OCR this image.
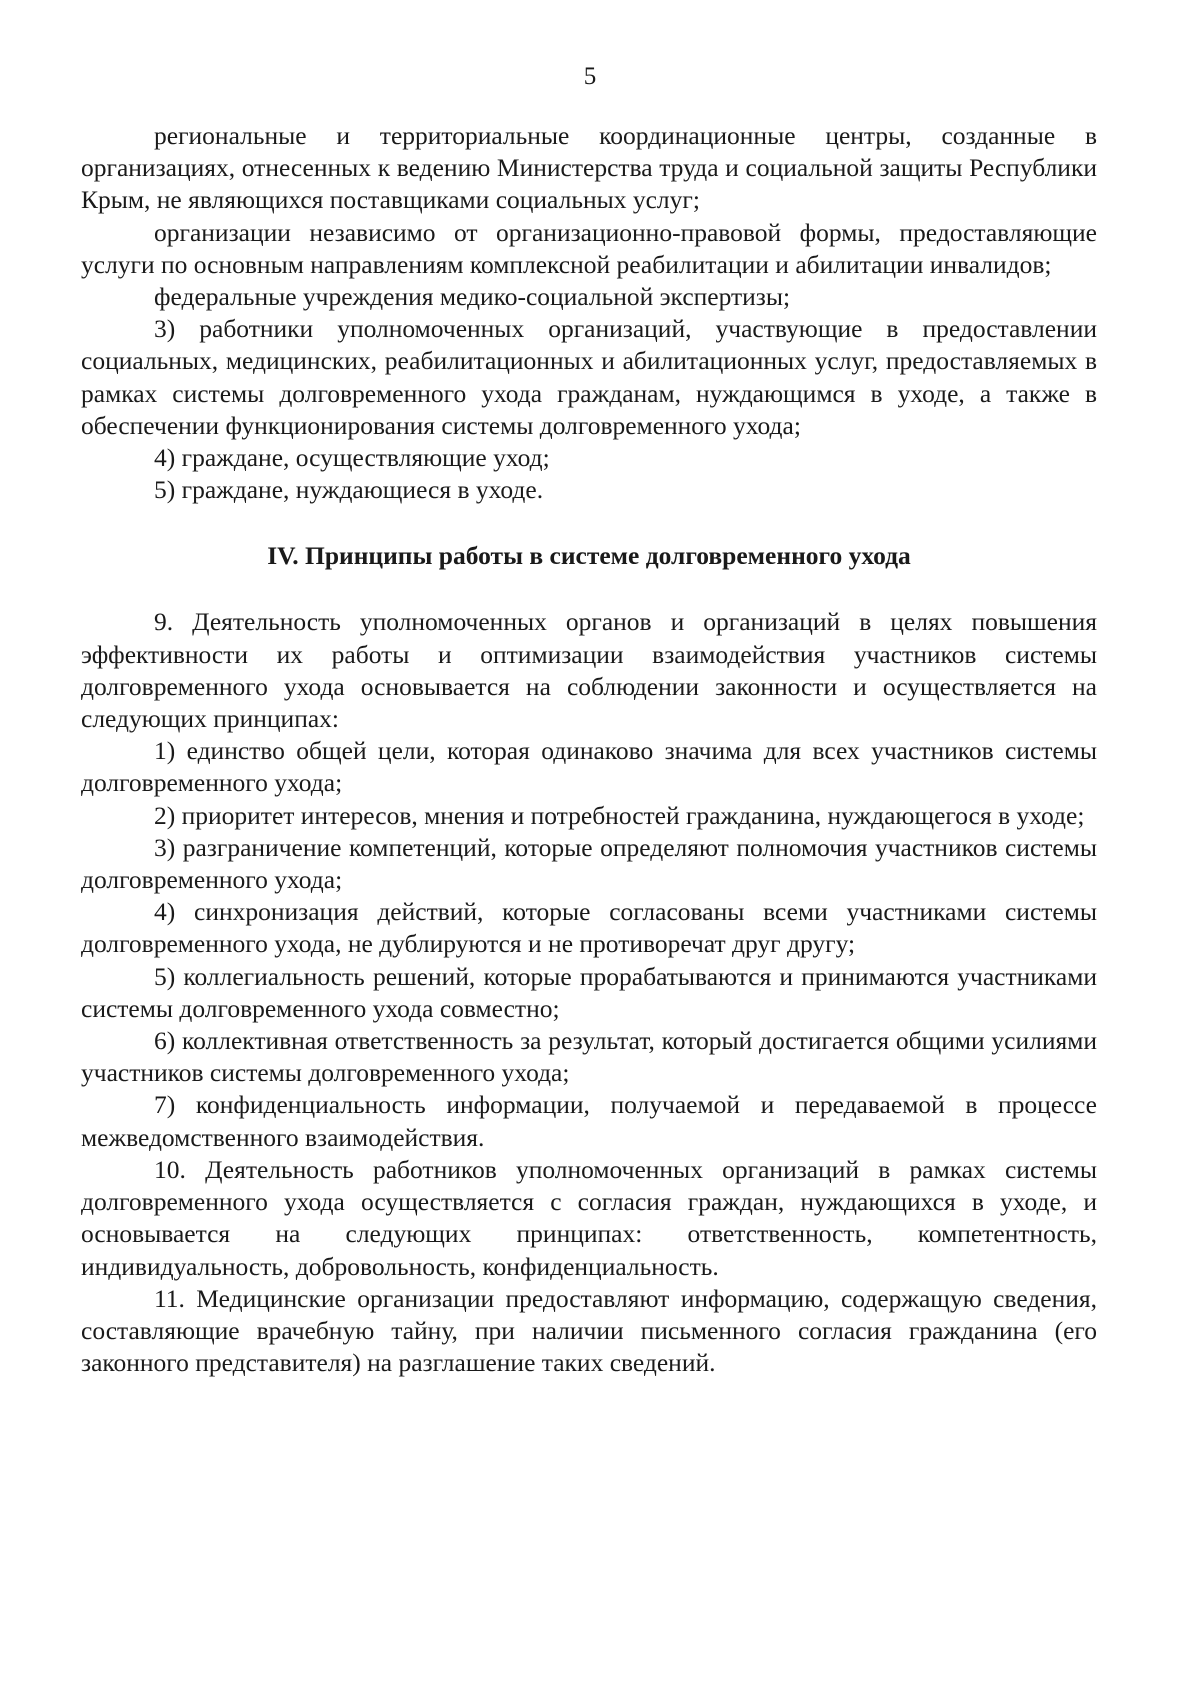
5

региональные и территориальные координационные центры, созданные в организациях, отнесенных к ведению Министерства труда и социальной защиты Республики Крым, не являющихся поставщиками социальных услуг;

организации независимо от организационно-правовой формы, предоставляющие услуги по основным направлениям комплексной реабилитации и абилитации инвалидов;

федеральные учреждения медико-социальной экспертизы;

3) работники уполномоченных организаций, участвующие в предоставлении социальных, медицинских, реабилитационных и абилитационных услуг, предоставляемых в рамках системы долговременного ухода гражданам, нуждающимся в уходе, а также в обеспечении функционирования системы долговременного ухода;

4) граждане, осуществляющие уход;

5) граждане, нуждающиеся в уходе.

IV. Принципы работы в системе долговременного ухода

9. Деятельность уполномоченных органов и организаций в целях повышения эффективности их работы и оптимизации взаимодействия участников системы долговременного ухода основывается на соблюдении законности и осуществляется на следующих принципах:

1) единство общей цели, которая одинаково значима для всех участников системы долговременного ухода;

2) приоритет интересов, мнения и потребностей гражданина, нуждающегося в уходе;

3) разграничение компетенций, которые определяют полномочия участников системы долговременного ухода;

4) синхронизация действий, которые согласованы всеми участниками системы долговременного ухода, не дублируются и не противоречат друг другу;

5) коллегиальность решений, которые прорабатываются и принимаются участниками системы долговременного ухода совместно;

6) коллективная ответственность за результат, который достигается общими усилиями участников системы долговременного ухода;

7) конфиденциальность информации, получаемой и передаваемой в процессе межведомственного взаимодействия.

10. Деятельность работников уполномоченных организаций в рамках системы долговременного ухода осуществляется с согласия граждан, нуждающихся в уходе, и основывается на следующих принципах: ответственность, компетентность, индивидуальность, добровольность, конфиденциальность.

11. Медицинские организации предоставляют информацию, содержащую сведения, составляющие врачебную тайну, при наличии письменного согласия гражданина (его законного представителя) на разглашение таких сведений.
